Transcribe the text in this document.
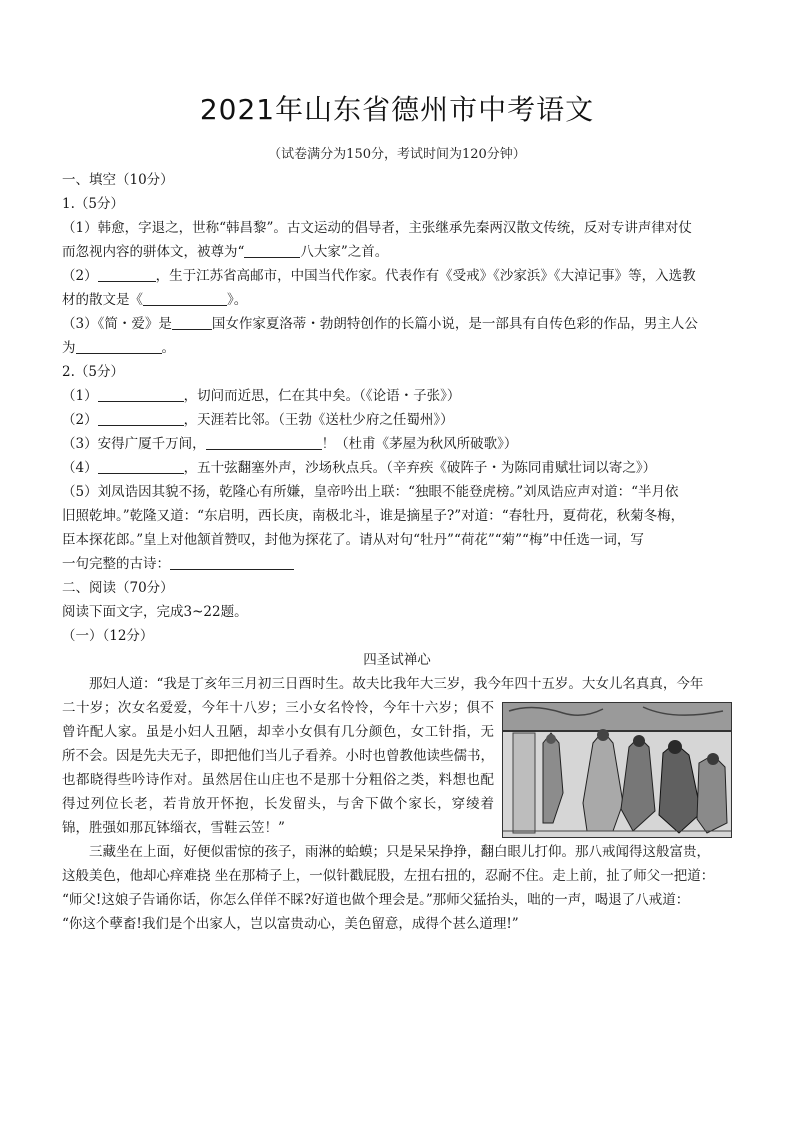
2021年山东省德州市中考语文
（试卷满分为150分，考试时间为120分钟）
一、填空（10分）
1.（5分）
（1）韩愈，字退之，世称“韩昌黎”。古文运动的倡导者，主张继承先秦两汉散文传统，反对专讲声律对仗
而忽视内容的骈体文，被尊为“	八大家”之首。
（2）	，生于江苏省高邮市，中国当代作家。代表作有《受戒》《沙家浜》《大淖记事》等，入选教
材的散文是《	》。
（3）《简・爱》是	国女作家夏洛蒂・勃朗特创作的长篇小说，是一部具有自传色彩的作品，男主人公
为	。
2.（5分）
（1）	，切问而近思，仁在其中矣。（《论语・子张》）
（2）	，天涯若比邻。（王勃《送杜少府之任蜀州》）
（3）安得广厦千万间，	！（杜甫《茅屋为秋风所破歌》）
（4）	，五十弦翻塞外声，沙场秋点兵。（辛弃疾《破阵子・为陈同甫赋壮词以寄之》）
（5）刘凤诰因其貌不扬，乾隆心有所嫌，皇帝吟出上联：“独眼不能登虎榜。”刘凤诰应声对道：“半月依
旧照乾坤。”乾隆又道：“东启明，西长庚，南极北斗，谁是摘星子?”对道：“春牡丹，夏荷花，秋菊冬梅，
臣本探花郎。”皇上对他颔首赞叹，封他为探花了。请从对句“牡丹”“荷花”“菊”“梅”中任选一词，写
一句完整的古诗：
二、阅读（70分）
阅读下面文字，完成3~22题。
（一）（12分）
四圣试禅心
那妇人道：“我是丁亥年三月初三日酉时生。故夫比我年大三岁，我今年四十五岁。大女儿名真真，今年
二十岁；次女名爱爱，今年十八岁；三小女名怜怜，今年十六岁；俱不
曾许配人家。虽是小妇人丑陋，却幸小女俱有几分颜色，女工针指，无
所不会。因是先夫无子，即把他们当儿子看养。小时也曾教他读些儒书，
也都晓得些吟诗作对。虽然居住山庄也不是那十分粗俗之类，料想也配
得过列位长老，若肯放开怀抱，长发留头，与舍下做个家长，穿绫着
锦，胜强如那瓦钵缁衣，雪鞋云笠！”
三藏坐在上面，好便似雷惊的孩子，雨淋的蛤蟆；只是呆呆挣挣，翻白眼儿打仰。那八戒闻得这般富贵，
这般美色，他却心痒难挠 坐在那椅子上，一似针戳屁股，左扭右扭的，忍耐不住。走上前，扯了师父一把道：
“师父!这娘子告诵你话，你怎么佯佯不睬?好道也做个理会是。”那师父猛抬头，咄的一声，喝退了八戒道：
“你这个孽畜!我们是个出家人，岂以富贵动心，美色留意，成得个甚么道理!”
